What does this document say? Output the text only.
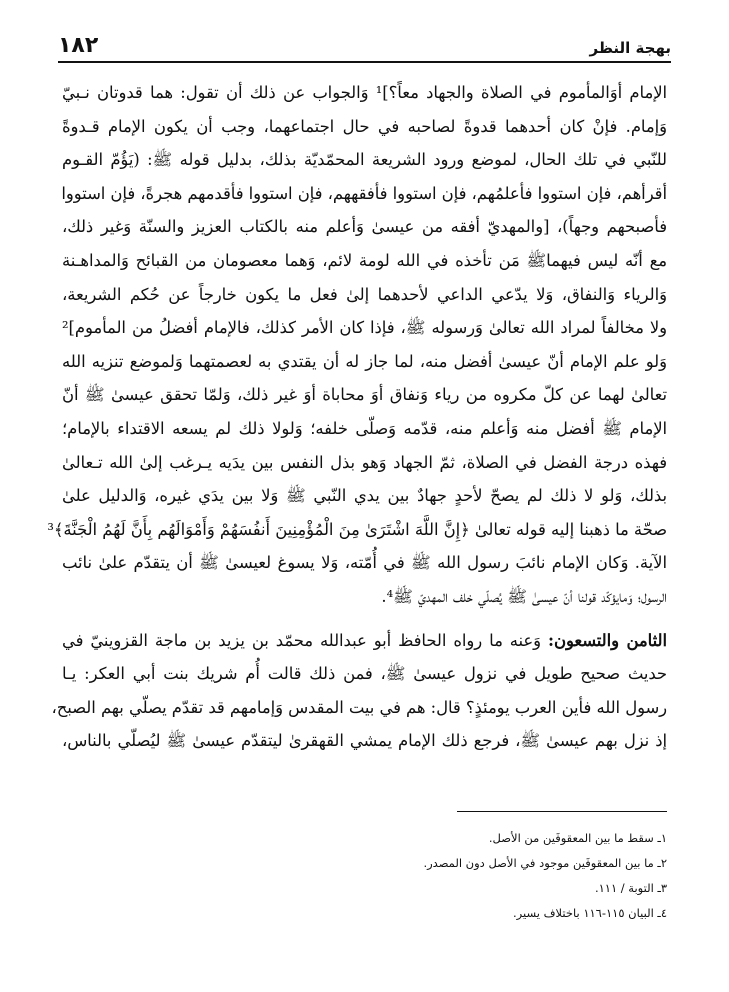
١٨٢	بهجة النظر
الإمام أوَالمأموم في الصلاة والجهاد معاً؟]¹ وَالجواب عن ذلك أن تقول: هما قدوتان نـبيّ
وَإمام. فإنْ كان أحدهما قدوةً لصاحبه في حال اجتماعهما، وجب أن يكون الإمام قـدوةً
للنّبي في تلك الحال، لموضع ورود الشريعة المحمّديّة بذلك، بدليل قوله ﷺ: (يَؤُمّ القـوم
أقرأهم، فإن استووا فأعلمُهم، فإن استووا فأفقههم، فإن استووا فأقدمهم هجرةً، فإن استووا
فأصبحهم وجهاً)، [والمهديّ أفقه من عيسىٰ وَأعلم منه بالكتاب العزيز والسنّة وَغير ذلك،
مع أنّه ليس فيهماﷺ مَن تأخذه في الله لومة لائم، وَهما معصومان من القبائح وَالمداهـنة
وَالرياء وَالنفاق، وَلا يدّعي الداعي لأحدهما إلىٰ فعل ما يكون خارجاً عن حُكم الشريعة،
ولا مخالفاً لمراد الله تعالىٰ وَرسوله ﷺ، فإذا كان الأمر كذلك، فالإمام أفضلُ من المأموم]²
وَلو علم الإمام أنّ عيسىٰ أفضل منه، لما جاز له أن يقتدي به لعصمتهما وَلموضع تنزيه الله
تعالىٰ لهما عن كلّ مكروه من رياء وَنفاق أوَ محاباة أوَ غير ذلك، وَلمّا تحقق عيسىٰ ﷺ أنّ
الإمام ﷺ أفضل منه وَأعلم منه، قدّمه وَصلّى خلفه؛ وَلولا ذلك لم يسعه الاقتداء بالإمام؛
فهذه درجة الفضل في الصلاة، ثمّ الجهاد وَهو بذل النفس بين يدَيه يـرغب إلىٰ الله تـعالىٰ
بذلك، وَلو لا ذلك لم يصحّ لأحدٍ جهادٌ بين يدي النّبي ﷺ وَلا بين يدَي غيره، وَالدليل علىٰ
صحّة ما ذهبنا إليه قوله تعالىٰ ﴿إِنَّ اللَّهَ اشْتَرَىٰ مِنَ الْمُؤْمِنِينَ أَنفُسَهُمْ وَأَمْوَالَهُم بِأَنَّ لَهُمُ الْجَنَّةَ﴾³
الآية. وَكان الإمام نائبَ رسول الله ﷺ في أُمّته، وَلا يسوغ لعيسىٰ ﷺ أن يتقدّم علىٰ نائب
الرسول؛ وَمايؤكّد قولنا أنّ عيسىٰ ﷺ يُصلّي خلف المهديّ ﷺ⁴.
الثامن والتسعون: وَعنه ما رواه الحافظ أبو عبدالله محمّد بن يزيد بن ماجة القزوينيّ في
حديث صحيح طويل في نزول عيسىٰ ﷺ، فمن ذلك قالت أُم شريك بنت أبي العكر: يـا
رسول الله فأين العرب يومئذٍ؟ قال: هم في بيت المقدس وَإمامهم قد تقدّم يصلّي بهم الصبح،
إذ نزل بهم عيسىٰ ﷺ، فرجع ذلك الإمام يمشي القهقرىٰ ليتقدّم عيسىٰ ﷺ ليُصلّي بالناس،
١ـ سقط ما بين المعقوفَين من الأصل.
٢ـ ما بين المعقوفَين موجود في الأصل دون المصدر.
٣ـ التوبة / ١١١.
٤ـ البيان ١١٥-١١٦ باختلاف يسير.
